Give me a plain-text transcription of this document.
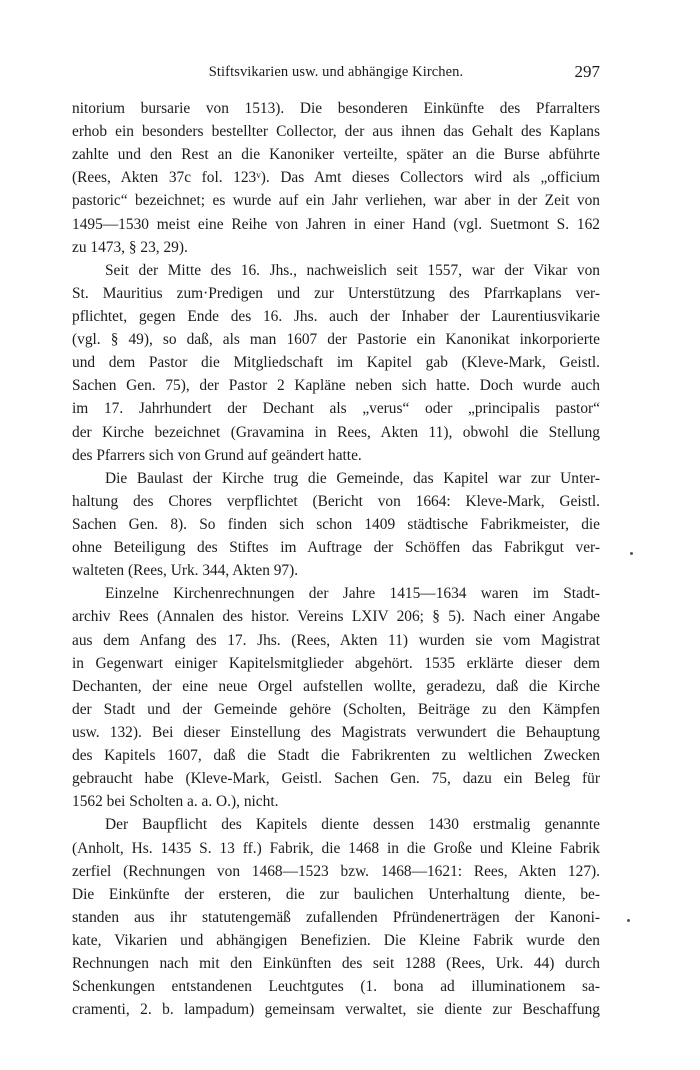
Stiftsvikarien usw. und abhängige Kirchen.	297
nitorium bursarie von 1513). Die besonderen Einkünfte des Pfarralters
erhob ein besonders bestellter Collector, der aus ihnen das Gehalt des Kaplans
zahlte und den Rest an die Kanoniker verteilte, später an die Burse abführte
(Rees, Akten 37c fol. 123ᵛ). Das Amt dieses Collectors wird als „officium
pastoric“ bezeichnet; es wurde auf ein Jahr verliehen, war aber in der Zeit von
1495—1530 meist eine Reihe von Jahren in einer Hand (vgl. Suetmont S. 162
zu 1473, § 23, 29).
Seit der Mitte des 16. Jhs., nachweislich seit 1557, war der Vikar von
St. Mauritius zum·Predigen und zur Unterstützung des Pfarrkaplans ver-
pflichtet, gegen Ende des 16. Jhs. auch der Inhaber der Laurentiusvikarie
(vgl. § 49), so daß, als man 1607 der Pastorie ein Kanonikat inkorporierte
und dem Pastor die Mitgliedschaft im Kapitel gab (Kleve-Mark, Geistl.
Sachen Gen. 75), der Pastor 2 Kapläne neben sich hatte. Doch wurde auch
im 17. Jahrhundert der Dechant als „verus“ oder „principalis pastor“
der Kirche bezeichnet (Gravamina in Rees, Akten 11), obwohl die Stellung
des Pfarrers sich von Grund auf geändert hatte.
Die Baulast der Kirche trug die Gemeinde, das Kapitel war zur Unter-
haltung des Chores verpflichtet (Bericht von 1664: Kleve-Mark, Geistl.
Sachen Gen. 8). So finden sich schon 1409 städtische Fabrikmeister, die
ohne Beteiligung des Stiftes im Auftrage der Schöffen das Fabrikgut ver-
walteten (Rees, Urk. 344, Akten 97).
Einzelne Kirchenrechnungen der Jahre 1415—1634 waren im Stadt-
archiv Rees (Annalen des histor. Vereins LXIV 206; § 5). Nach einer Angabe
aus dem Anfang des 17. Jhs. (Rees, Akten 11) wurden sie vom Magistrat
in Gegenwart einiger Kapitelsmitglieder abgehört. 1535 erklärte dieser dem
Dechanten, der eine neue Orgel aufstellen wollte, geradezu, daß die Kirche
der Stadt und der Gemeinde gehöre (Scholten, Beiträge zu den Kämpfen
usw. 132). Bei dieser Einstellung des Magistrats verwundert die Behauptung
des Kapitels 1607, daß die Stadt die Fabrikrenten zu weltlichen Zwecken
gebraucht habe (Kleve-Mark, Geistl. Sachen Gen. 75, dazu ein Beleg für
1562 bei Scholten a. a. O.), nicht.
Der Baupflicht des Kapitels diente dessen 1430 erstmalig genannte
(Anholt, Hs. 1435 S. 13 ff.) Fabrik, die 1468 in die Große und Kleine Fabrik
zerfiel (Rechnungen von 1468—1523 bzw. 1468—1621: Rees, Akten 127).
Die Einkünfte der ersteren, die zur baulichen Unterhaltung diente, be-
standen aus ihr statutengemäß zufallenden Pfründenerträgen der Kanoni-
kate, Vikarien und abhängigen Benefizien. Die Kleine Fabrik wurde den
Rechnungen nach mit den Einkünften des seit 1288 (Rees, Urk. 44) durch
Schenkungen entstandenen Leuchtgutes (1. bona ad illuminationem sa-
cramenti, 2. b. lampadum) gemeinsam verwaltet, sie diente zur Beschaffung
